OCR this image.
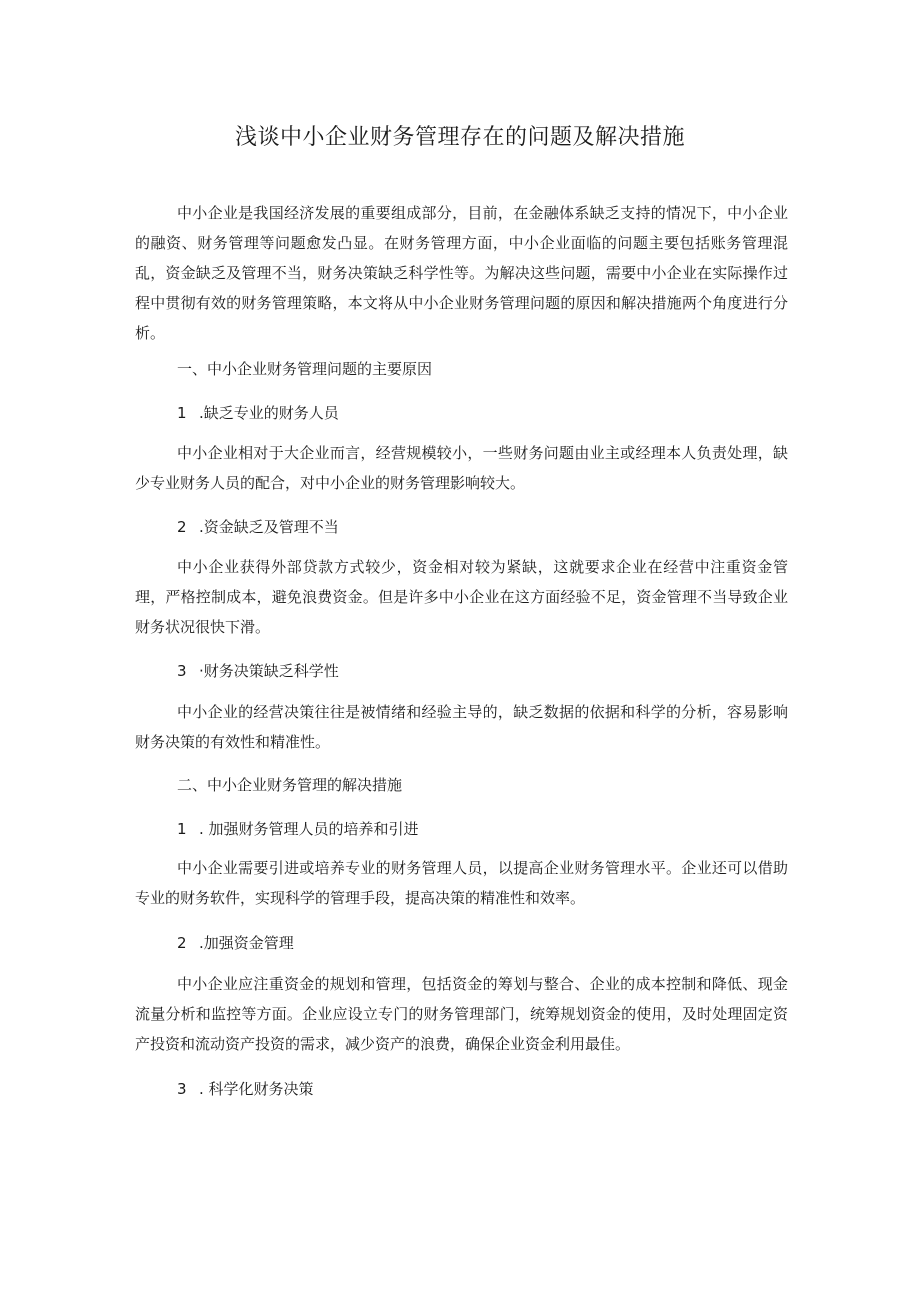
浅谈中小企业财务管理存在的问题及解决措施

中小企业是我国经济发展的重要组成部分，目前，在金融体系缺乏支持的情况下，中小企业的融资、财务管理等问题愈发凸显。在财务管理方面，中小企业面临的问题主要包括账务管理混乱，资金缺乏及管理不当，财务决策缺乏科学性等。为解决这些问题，需要中小企业在实际操作过程中贯彻有效的财务管理策略，本文将从中小企业财务管理问题的原因和解决措施两个角度进行分析。

一、中小企业财务管理问题的主要原因

1 .缺乏专业的财务人员

中小企业相对于大企业而言，经营规模较小，一些财务问题由业主或经理本人负责处理，缺少专业财务人员的配合，对中小企业的财务管理影响较大。

2 .资金缺乏及管理不当

中小企业获得外部贷款方式较少，资金相对较为紧缺，这就要求企业在经营中注重资金管理，严格控制成本，避免浪费资金。但是许多中小企业在这方面经验不足，资金管理不当导致企业财务状况很快下滑。

3 ·财务决策缺乏科学性

中小企业的经营决策往往是被情绪和经验主导的，缺乏数据的依据和科学的分析，容易影响财务决策的有效性和精准性。

二、中小企业财务管理的解决措施

1 . 加强财务管理人员的培养和引进

中小企业需要引进或培养专业的财务管理人员，以提高企业财务管理水平。企业还可以借助专业的财务软件，实现科学的管理手段，提高决策的精准性和效率。

2 .加强资金管理

中小企业应注重资金的规划和管理，包括资金的筹划与整合、企业的成本控制和降低、现金流量分析和监控等方面。企业应设立专门的财务管理部门，统筹规划资金的使用，及时处理固定资产投资和流动资产投资的需求，减少资产的浪费，确保企业资金利用最佳。

3 . 科学化财务决策
